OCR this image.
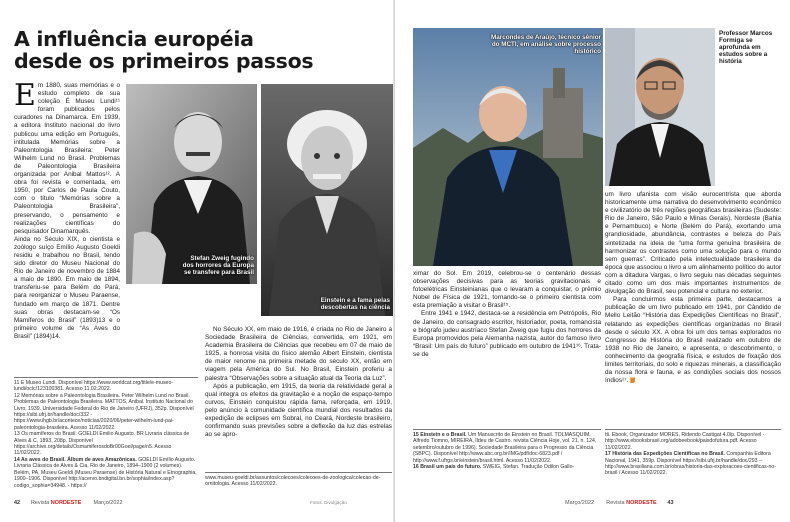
A influência européia desde os primeiros passos

Em 1880, suas memórias e o estudo completo de sua coleção É Museu Lundi¹¹ foram publicados pelos curadores na Dinamarca. Em 1939, a editora Instituto nacional do livro publicou uma edição em Português, intitulada Memórias sobre a Paleontologia Brasileira: Peter Wilhelm Lund no Brasil. Problemas de Paleontologia Brasileira organizada por Anibal Mattos¹². A obra foi revista e comentada, em 1950, por Carlos de Paula Couto, com o título “Memórias sobre a Paleontologia Brasileira”, preservando, o pensamento e realizações científicas do pesquisador Dinamarquês.

Ainda no Século XIX, o cientista e zoólogo suíço Emílio Augusto Goeldi residiu e trabalhou no Brasil, tendo sido diretor do Museu Nacional do Rio de Janeiro de novembro de 1884 a maio de 1890. Em maio de 1894, transferiu-se para Belém do Pará, para reorganizar o Museu Paraense, fundado em março de 1871. Dentre suas obras destacam-se “Os Mamíferos do Brasil” (1893)13 e o primeiro volume de “As Aves do Brasil” (1894)14.

Stefan Zweig fugindo dos horrores da Europa se transfere para Brasil
Einstein e a fama pelas descobertas na ciência

No Século XX, em maio de 1916, é criada no Rio de Janeiro a Sociedade Brasileira de Ciências, convertida, em 1921, em Academia Brasileira de Ciências que recebeu em 07 de maio de 1925, a honrosa visita do físico alemão Albert Einstein, cientista de maior renome na primeira metade do século XX, então em viagem pela América do Sul. No Brasil, Einstein proferiu a palestra “Observações sobre a situação atual da Teoria da Luz”.

Após a publicação, em 1915, da teoria da relatividade geral a qual integra os efeitos da gravitação e a noção de espaço-tempo curvos, Einstein conquistou rápida fama, reforçada, em 1919, pelo anúncio à comunidade científica mundial dos resultados da expedição de eclipses em Sobral, no Ceará, Nordeste brasileiro, confirmando suas previsões sobre a deflexão da luz das estrelas ao se apro-

11 E Museo Lundi. Disponível https://www.worldcat.org/title/e-museo-lundi/oclc/123100381. Acesso 11.02.2022.

12 Memórias sobre a Paleontologia Brasileira. Peter Wilhelm Lund no Brasil. Problemas de Paleontologia Brasileira. MATTOS, Anibal. Instituto Nacional do Livro, 1939. Universidade Federal do Rio de Janeiro (UFRJ), 352p. Disponível https://sibi.ufrj.br/handle/doc/332 - https://www.ihgb.br/acontece/noticias/2020/06/peter-wilhelm-lund-pai-paleontologia-brasileira. Acesso 11/02/2022.

13 Os mamíferos do Brasil. GOELDI Emilio Augusto. BR Livraria clássica de Alves & C, 1893, 208p. Disponível https://archive.org/details/OsmamiferosdoBr00Goel/page/n5. Acesso 11/02/2022.

14 As aves do Brasil. Álbum de aves Amazônicas. GOELDI Emílio Augusto. Livraria Clássica de Alves & Cia, Rio de Janeiro, 1894–1900 (2 volumes). Belém, PA, Museu Goeldi (Museu Paraense) de História Natural e Etnographia, 1900–1906. Disponível http://acervo.bndigital.bn.br/sophia/index.asp?codigo_sophia=34948. - https://

www.museu-goeldi.br/assuntos/colecoes/colecoes-de-zoologica/colecao-de-ornitologia. Acesso 11/02/2022.
42 Revista NORDESTE Março/2022	Fotos: Divulgação
Marcondes de Araújo, técnico sênior do MCTI, em análise sobre processo histórico
Professor Marcos Formiga se aprofunda em estudos sobre a história

ximar do Sol. Em 2019, celebrou-se o centenário dessas observações decisivas para as teorias gravitacionais e fotoelétricas Einsteinianas que o levaram a conquistar, o prêmio Nobel de Física de 1921, tornando-se o primeiro cientista com esta premiação a visitar o Brasil¹⁵.

Entre 1941 e 1942, destaca-se a residência em Petrópolis, Rio de Janeiro, do consagrado escritor, historiador, poeta, romancista e biógrafo judeu austríaco Stefan Zweig que fugiu dos horrores da Europa promovidos pela Alemanha nazista, autor do famoso livro “Brasil: Um país do futuro” publicado em outubro de 1941¹⁶. Trata-se de

um livro ufanista com visão eurocentrista que aborda historicamente uma narrativa do desenvolvimento econômico e civilizatório de três regiões geográficas brasileiras (Sudeste: Rio de Janeiro, São Paulo e Minas Gerais), Nordeste (Bahia e Pernambuco) e Norte (Belém do Pará), exortando uma grandiosidade, abundância, contrastes e beleza do País sintetizada na ideia de “uma forma genuína brasileira de harmonizar os contrastes como uma solução para o mundo sem guerras”. Criticado pela intelectualidade brasileira da época que associou o livro a um alinhamento político do autor com a ditadura Vargas, o livro seguiu nas décadas seguintes citado como um dos mais importantes instrumentos de divulgação do Brasil, seu potencial e cultura no exterior.

Para concluirmos esta primeira parte, destacamos a publicação de um livro publicado em 1941, por Cândido de Mello Leitão “História das Expedições Científicas no Brasil”, relatando as expedições científicas organizadas no Brasil desde o século XX. A obra foi um dos temas explorados no Congresso de História do Brasil realizado em outubro de 1938 no Rio de Janeiro, e apresenta, o descobrimento, o conhecimento da geografia física, e estudos de fixação dos limites territoriais, do solo e riquezas minerais, a classificação da nossa flora e fauna, e as condições sociais dos nossos índios¹⁷.

15 Einstein e o Brasil. Um Manuscrito de Einstein no Brasil. TOLMASQUIM, Alfredo Tiomno, MIREIRA, Ildeu de Castro. revista Ciência Hoje, vol. 21, n. 124, setembro/outubro de 1996). Sociedade Brasileira para o Progresso da Ciência (SBPC). Disponível http://www.abc.org.br/IMG/pdf/doc-6823.pdf / http://www.f.ufrgs.br/einstein/brasil.html. Acesso 11/02/2022.

16 Brasil um país do futuro. SWEIG, Stefan. Tradução Odilon Gallo-

tti. Ebook, Organizador MORES, Ridendo Castigat 4.0/p. Disponível - http://www.ebooksbrasil.org/adobeebook/paisdofutura.pdf. Acesso 11/02/2022.

17 História das Expedições Científicas no Brasil. Companhia Editora Nacional, 1941, 359p. Disponível https://sibi.ufrj.br/handle/doc/293 -- http://www.brasiliana.com.br/obras/historia-das-exploracoes-cientificas-no-brasil / Acesso 11/02/2022.

Março/2022 Revista NORDESTE 43
